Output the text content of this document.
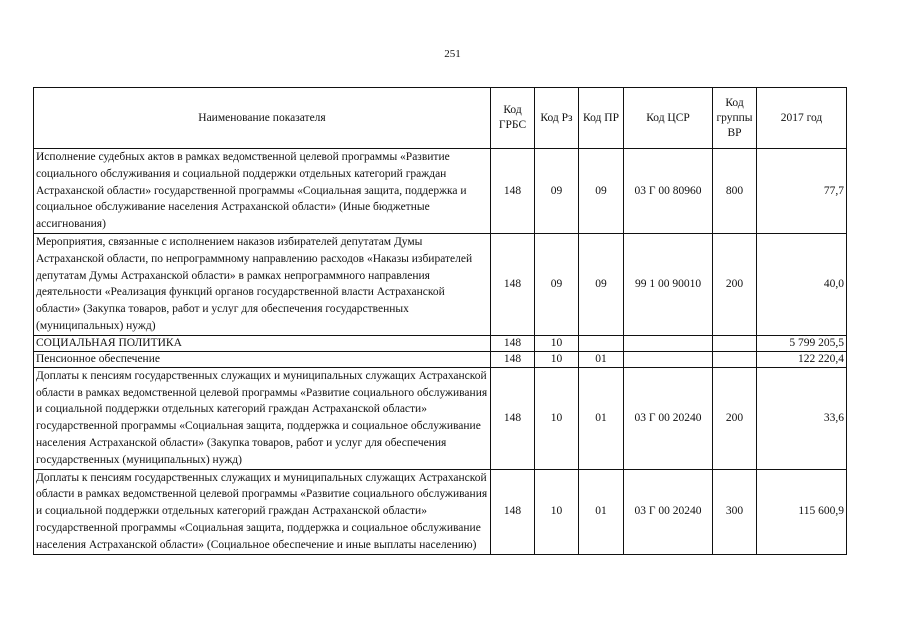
251
Наименование показателя	Код ГРБС	Код Рз	Код ПР	Код ЦСР	Код группы ВР	2017 год
Исполнение судебных актов в рамках ведомственной целевой программы «Развитие социального обслуживания и социальной поддержки отдельных категорий граждан Астраханской области» государственной программы «Социальная защита, поддержка и социальное обслуживание населения Астраханской области» (Иные бюджетные ассигнования)	148	09	09	03 Г 00 80960	800	77,7
Мероприятия, связанные с исполнением наказов избирателей депутатам Думы Астраханской области, по непрограммному направлению расходов «Наказы избирателей депутатам Думы Астраханской области» в рамках непрограммного направления деятельности «Реализация функций органов государственной власти Астраханской области» (Закупка товаров, работ и услуг для обеспечения государственных (муниципальных) нужд)	148	09	09	99 1 00 90010	200	40,0
СОЦИАЛЬНАЯ ПОЛИТИКА	148	10				5 799 205,5
Пенсионное обеспечение	148	10	01			122 220,4
Доплаты к пенсиям государственных служащих и муниципальных служащих Астраханской области в рамках ведомственной целевой программы «Развитие социального обслуживания и социальной поддержки отдельных категорий граждан Астраханской области» государственной программы «Социальная защита, поддержка и социальное обслуживание населения Астраханской области» (Закупка товаров, работ и услуг для обеспечения государственных (муниципальных) нужд)	148	10	01	03 Г 00 20240	200	33,6
Доплаты к пенсиям государственных служащих и муниципальных служащих Астраханской области в рамках ведомственной целевой программы «Развитие социального обслуживания и социальной поддержки отдельных категорий граждан Астраханской области» государственной программы «Социальная защита, поддержка и социальное обслуживание населения Астраханской области» (Социальное обеспечение и иные выплаты населению)	148	10	01	03 Г 00 20240	300	115 600,9
